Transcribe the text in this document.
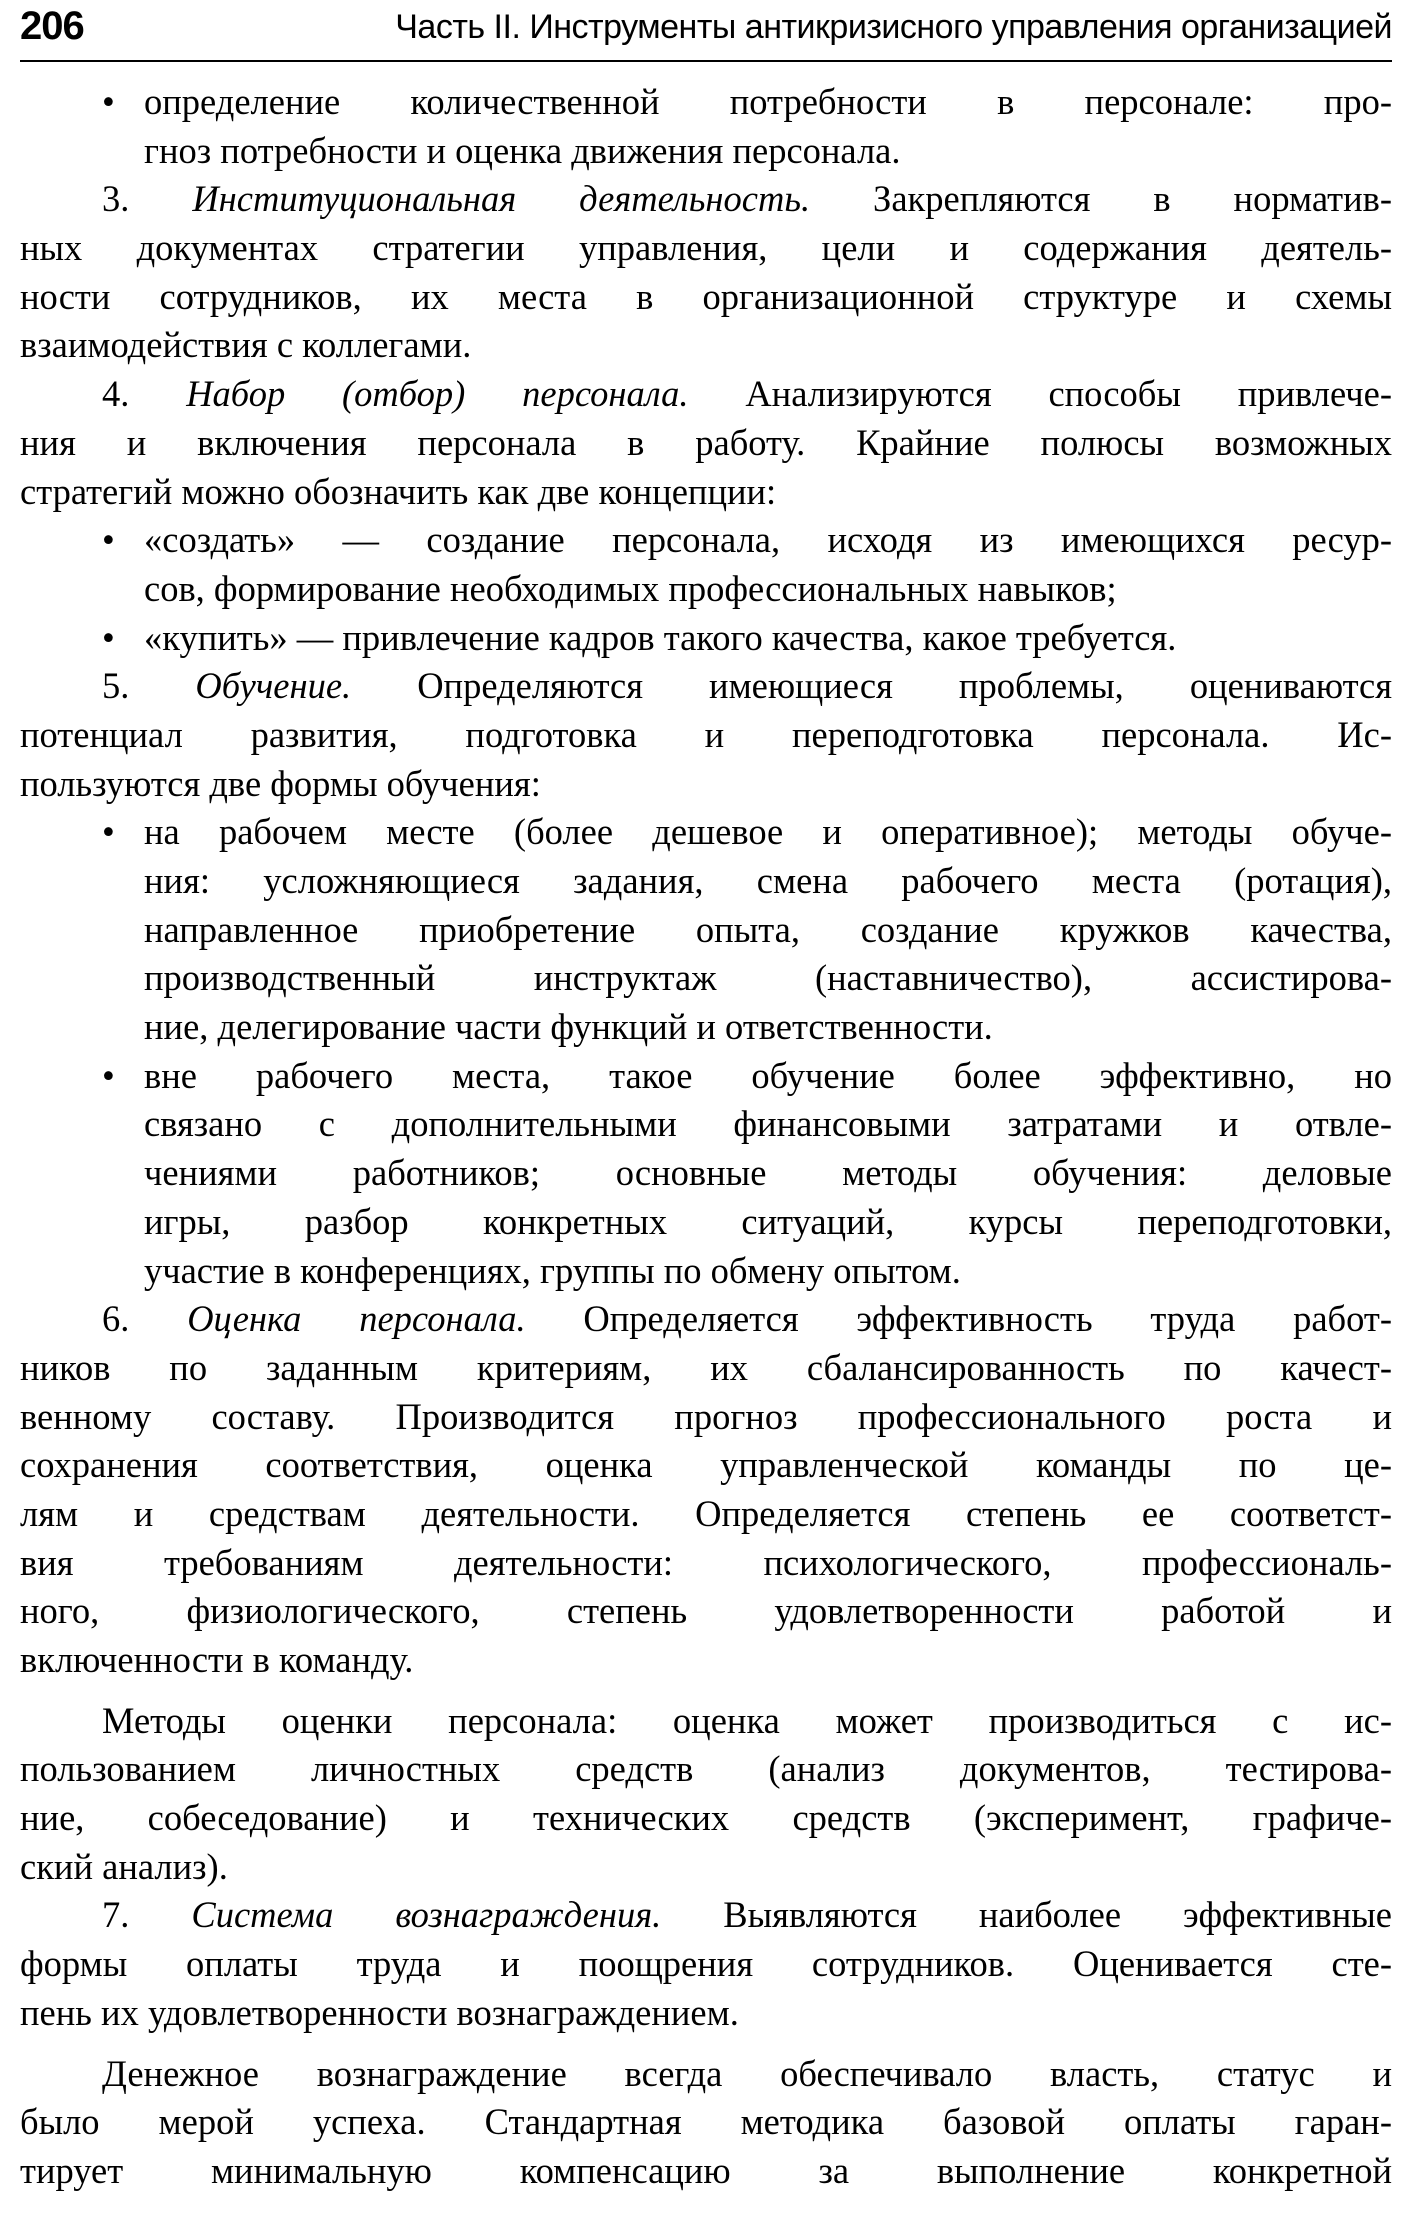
206	Часть II. Инструменты антикризисного управления организацией
• определение количественной потребности в персонале: про-
гноз потребности и оценка движения персонала.
3. Институциональная деятельность. Закрепляются в норматив-
ных документах стратегии управления, цели и содержания деятель-
ности сотрудников, их места в организационной структуре и схемы
взаимодействия с коллегами.
4. Набор (отбор) персонала. Анализируются способы привлече-
ния и включения персонала в работу. Крайние полюсы возможных
стратегий можно обозначить как две концепции:
• «создать» — создание персонала, исходя из имеющихся ресур-
сов, формирование необходимых профессиональных навыков;
• «купить» — привлечение кадров такого качества, какое требуется.
5. Обучение. Определяются имеющиеся проблемы, оцениваются
потенциал развития, подготовка и переподготовка персонала. Ис-
пользуются две формы обучения:
• на рабочем месте (более дешевое и оперативное); методы обуче-
ния: усложняющиеся задания, смена рабочего места (ротация),
направленное приобретение опыта, создание кружков качества,
производственный инструктаж (наставничество), ассистирова-
ние, делегирование части функций и ответственности.
• вне рабочего места, такое обучение более эффективно, но
связано с дополнительными финансовыми затратами и отвле-
чениями работников; основные методы обучения: деловые
игры, разбор конкретных ситуаций, курсы переподготовки,
участие в конференциях, группы по обмену опытом.
6. Оценка персонала. Определяется эффективность труда работ-
ников по заданным критериям, их сбалансированность по качест-
венному составу. Производится прогноз профессионального роста и
сохранения соответствия, оценка управленческой команды по це-
лям и средствам деятельности. Определяется степень ее соответст-
вия требованиям деятельности: психологического, профессиональ-
ного, физиологического, степень удовлетворенности работой и
включенности в команду.
Методы оценки персонала: оценка может производиться с ис-
пользованием личностных средств (анализ документов, тестирова-
ние, собеседование) и технических средств (эксперимент, графиче-
ский анализ).
7. Система вознаграждения. Выявляются наиболее эффективные
формы оплаты труда и поощрения сотрудников. Оценивается сте-
пень их удовлетворенности вознаграждением.
Денежное вознаграждение всегда обеспечивало власть, статус и
было мерой успеха. Стандартная методика базовой оплаты гаран-
тирует минимальную компенсацию за выполнение конкретной
